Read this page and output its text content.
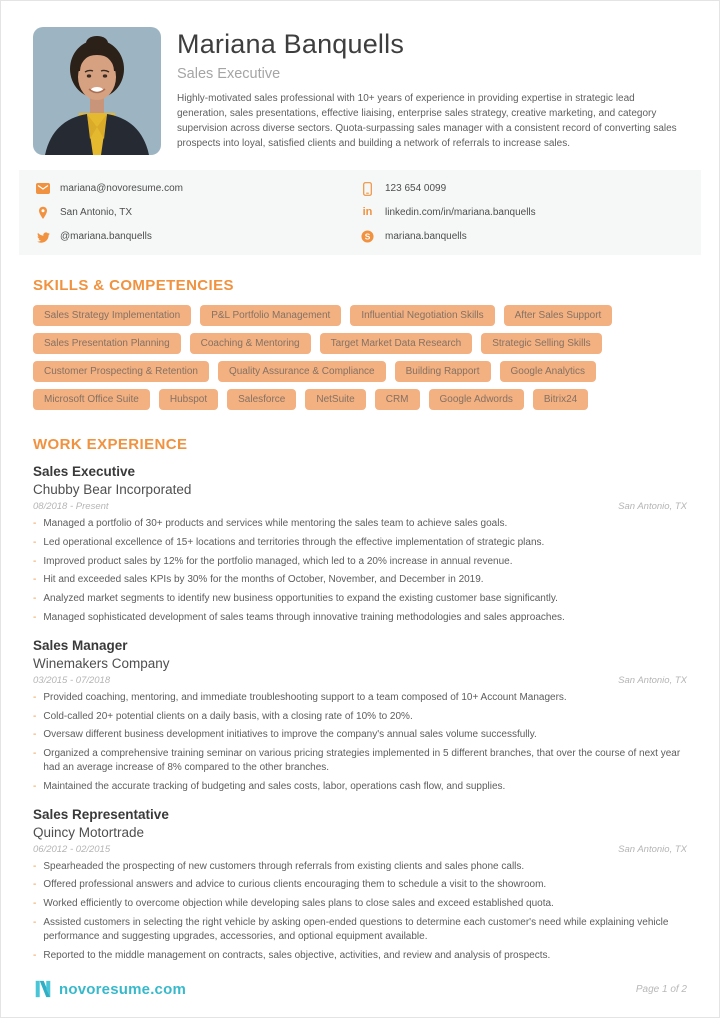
Mariana Banquells
Sales Executive
Highly-motivated sales professional with 10+ years of experience in providing expertise in strategic lead generation, sales presentations, effective liaising, enterprise sales strategy, creative marketing, and category supervision across diverse sectors. Quota-surpassing sales manager with a consistent record of converting sales prospects into loyal, satisfied clients and building a network of referrals to increase sales.
mariana@novoresume.com	123 654 0099
San Antonio, TX	in linkedin.com/in/mariana.banquells
@mariana.banquells	S mariana.banquells
SKILLS & COMPETENCIES
Sales Strategy Implementation	P&L Portfolio Management	Influential Negotiation Skills	After Sales Support
Sales Presentation Planning	Coaching & Mentoring	Target Market Data Research	Strategic Selling Skills
Customer Prospecting & Retention	Quality Assurance & Compliance	Building Rapport	Google Analytics
Microsoft Office Suite	Hubspot	Salesforce	NetSuite	CRM	Google Adwords	Bitrix24
WORK EXPERIENCE
Sales Executive
Chubby Bear Incorporated
08/2018 - Present	San Antonio, TX
- Managed a portfolio of 30+ products and services while mentoring the sales team to achieve sales goals.
- Led operational excellence of 15+ locations and territories through the effective implementation of strategic plans.
- Improved product sales by 12% for the portfolio managed, which led to a 20% increase in annual revenue.
- Hit and exceeded sales KPIs by 30% for the months of October, November, and December in 2019.
- Analyzed market segments to identify new business opportunities to expand the existing customer base significantly.
- Managed sophisticated development of sales teams through innovative training methodologies and sales approaches.
Sales Manager
Winemakers Company
03/2015 - 07/2018	San Antonio, TX
- Provided coaching, mentoring, and immediate troubleshooting support to a team composed of 10+ Account Managers.
- Cold-called 20+ potential clients on a daily basis, with a closing rate of 10% to 20%.
- Oversaw different business development initiatives to improve the company's annual sales volume successfully.
- Organized a comprehensive training seminar on various pricing strategies implemented in 5 different branches, that over the course of next year had an average increase of 8% compared to the other branches.
- Maintained the accurate tracking of budgeting and sales costs, labor, operations cash flow, and supplies.
Sales Representative
Quincy Motortrade
06/2012 - 02/2015	San Antonio, TX
- Spearheaded the prospecting of new customers through referrals from existing clients and sales phone calls.
- Offered professional answers and advice to curious clients encouraging them to schedule a visit to the showroom.
- Worked efficiently to overcome objection while developing sales plans to close sales and exceed established quota.
- Assisted customers in selecting the right vehicle by asking open-ended questions to determine each customer's need while explaining vehicle performance and suggesting upgrades, accessories, and optional equipment available.
- Reported to the middle management on contracts, sales objective, activities, and review and analysis of prospects.
novoresume.com	Page 1 of 2
